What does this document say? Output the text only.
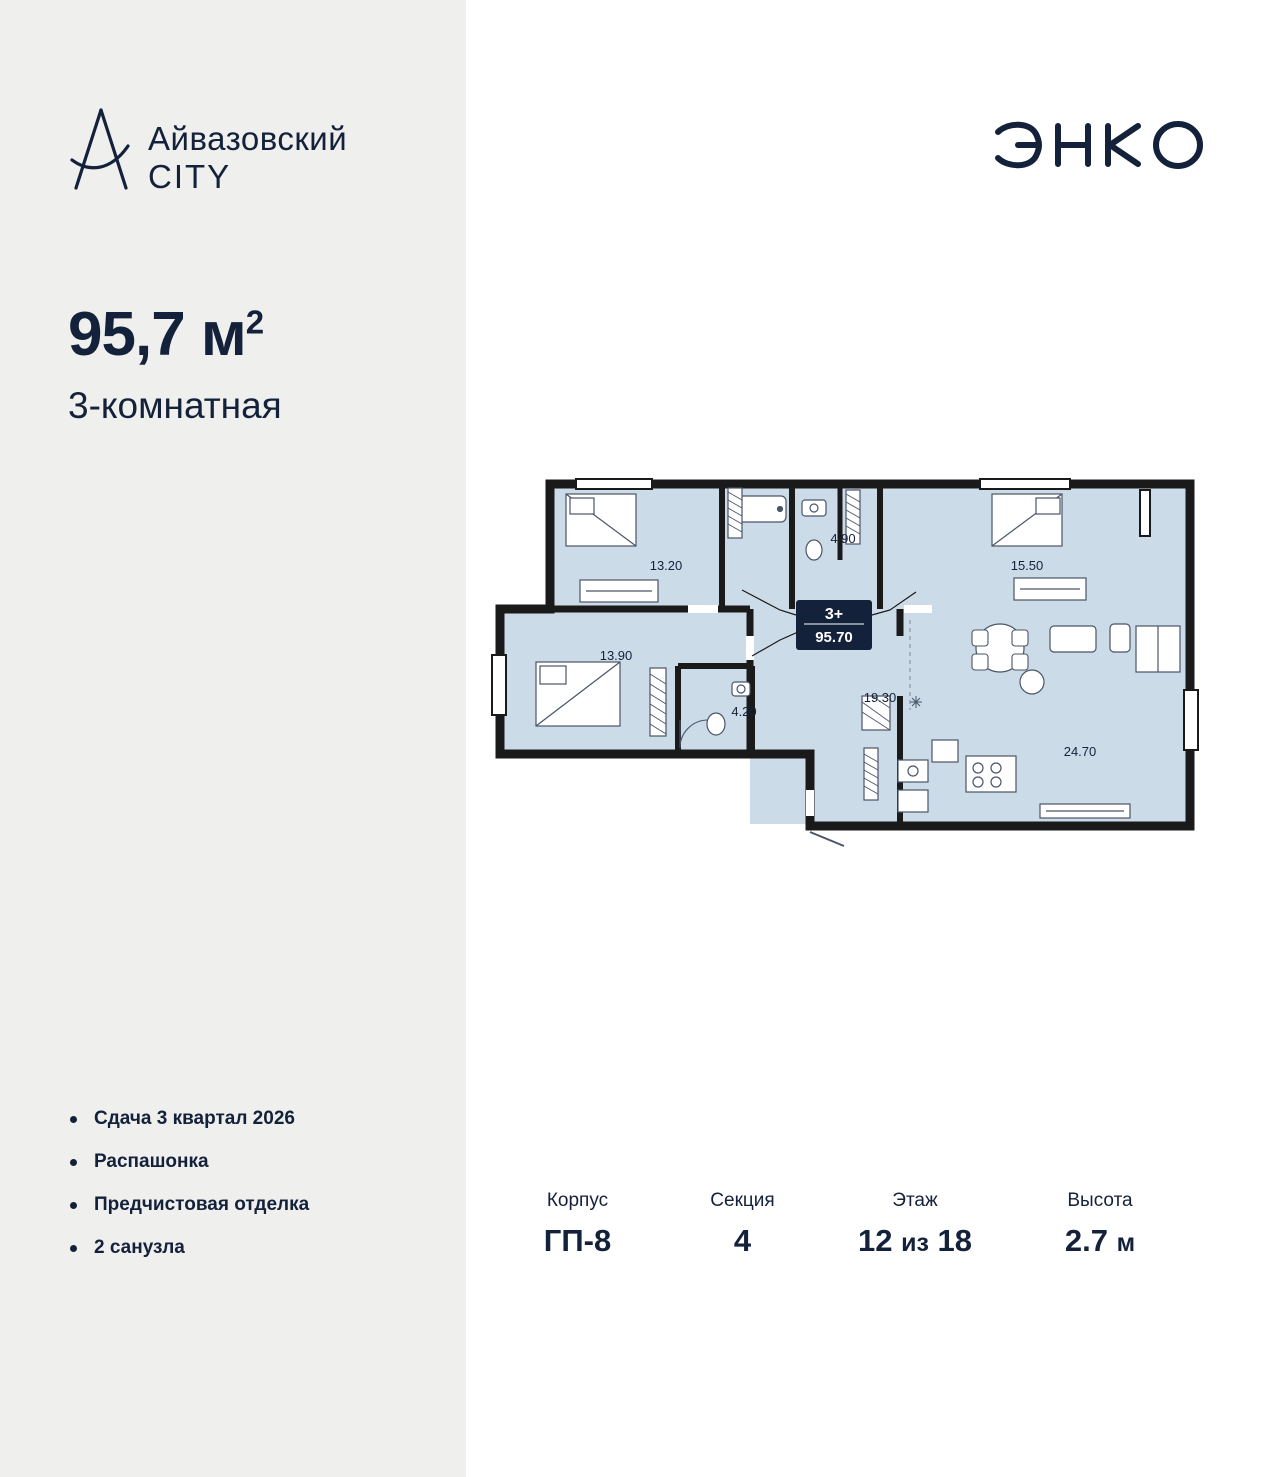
Айвазовский
CITY
95,7 $м^2$
3-комнатная
Сдача 3 квартал 2026
Распашонка
Предчистовая отделка
2 санузла
Корпус
ГП-8
Секция
4
Этаж
12 из 18
Высота
2.7 м
13.20
4.90
15.50
13.90
4.20
19.30
24.70
3+
95.70
